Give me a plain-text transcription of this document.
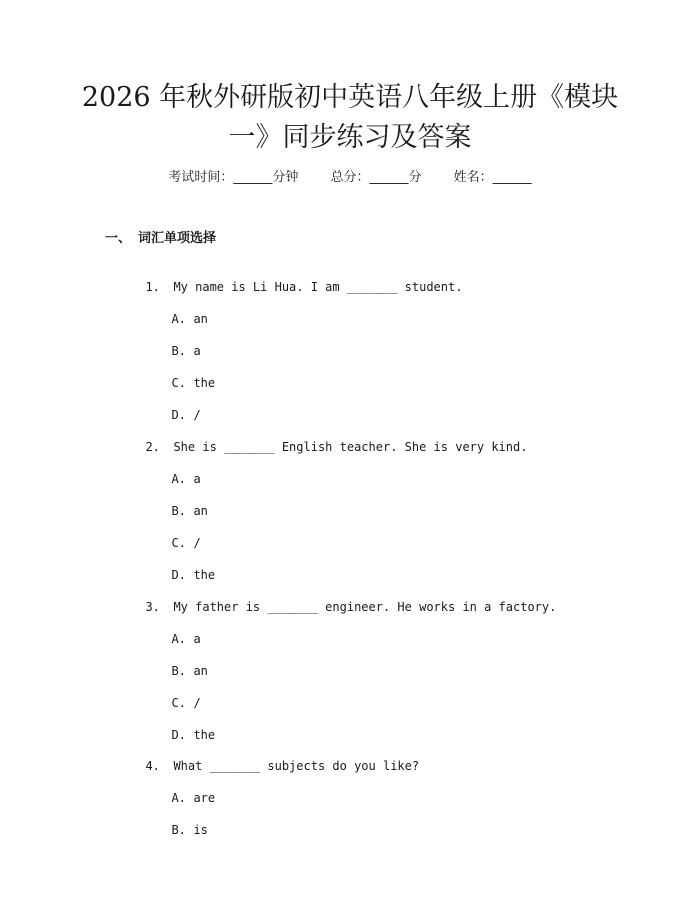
2026 年秋外研版初中英语八年级上册《模块
一》同步练习及答案
考试时间：______分钟 总分：______分 姓名：______
一、 词汇单项选择

1. My name is Li Hua. I am _______ student.

A. an

B. a

C. the

D. /

2. She is _______ English teacher. She is very kind.

A. a

B. an

C. /

D. the

3. My father is _______ engineer. He works in a factory.

A. a

B. an

C. /

D. the

4. What _______ subjects do you like?

A. are

B. is
